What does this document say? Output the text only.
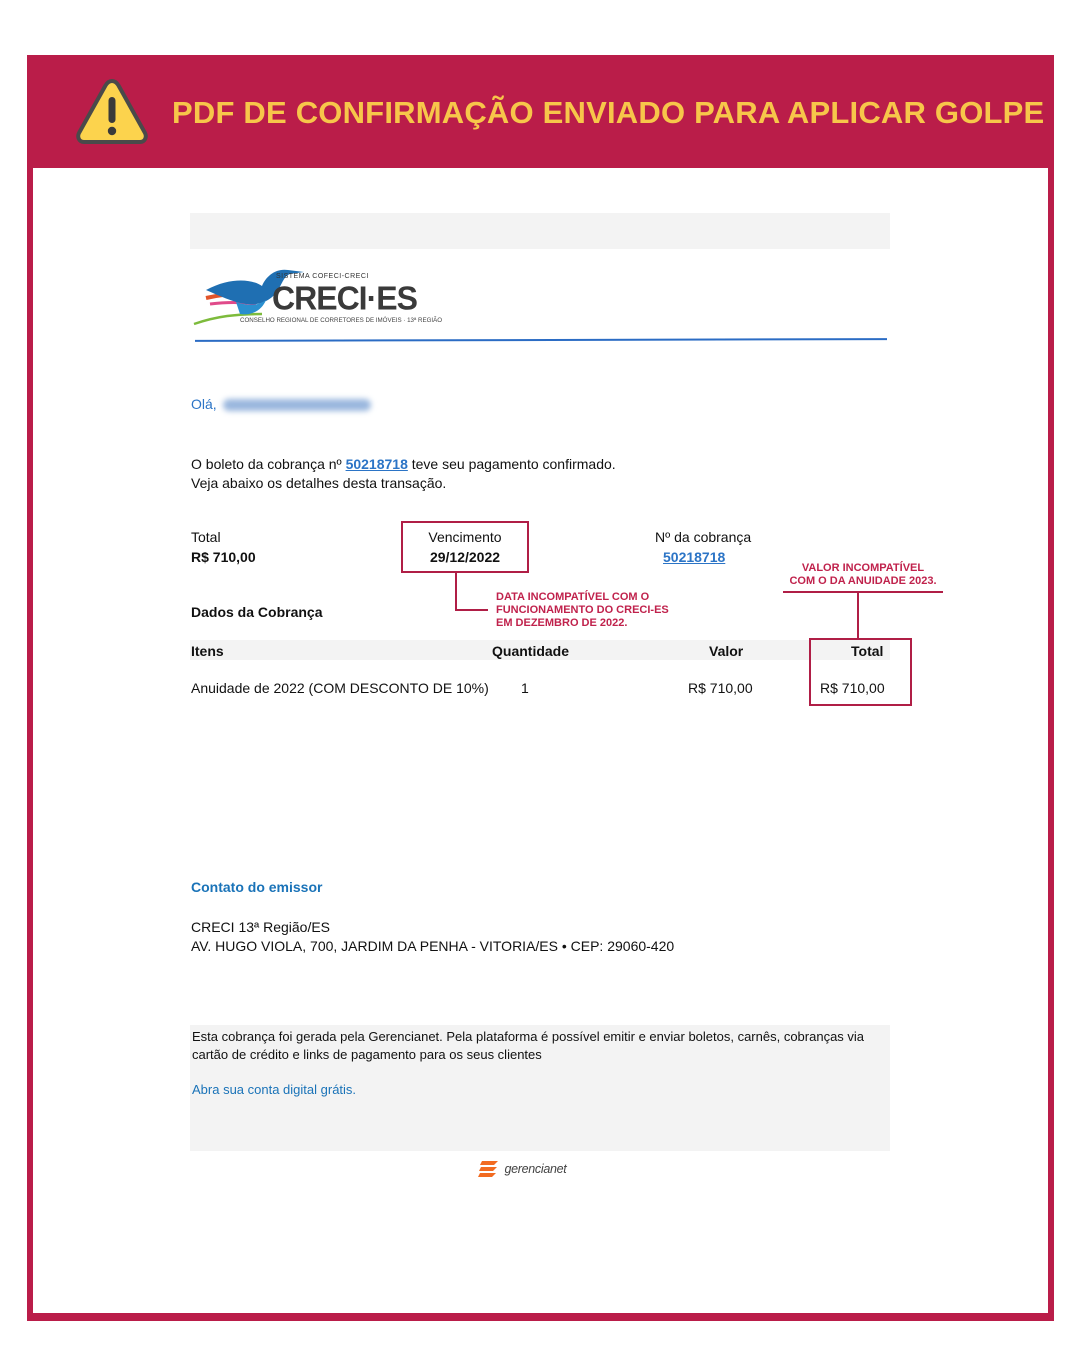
PDF DE CONFIRMAÇÃO ENVIADO PARA APLICAR GOLPE
SISTEMA COFECI-CRECI
CRECI·ES
CONSELHO REGIONAL DE CORRETORES DE IMÓVEIS · 13ª REGIÃO
Olá,
O boleto da cobrança nº 50218718 teve seu pagamento confirmado.
Veja abaixo os detalhes desta transação.
Total
R$ 710,00
Vencimento
29/12/2022
Nº da cobrança
50218718
DATA INCOMPATÍVEL COM O
FUNCIONAMENTO DO CRECI-ES
EM DEZEMBRO DE 2022.
VALOR INCOMPATÍVEL
COM O DA ANUIDADE 2023.
Dados da Cobrança
Itens	Quantidade	Valor	Total
Anuidade de 2022 (COM DESCONTO DE 10%) 1	R$ 710,00	R$ 710,00
Contato do emissor
CRECI 13ª Região/ES
AV. HUGO VIOLA, 700, JARDIM DA PENHA - VITORIA/ES • CEP: 29060-420
Esta cobrança foi gerada pela Gerencianet. Pela plataforma é possível emitir e enviar boletos, carnês, cobranças via cartão de crédito e links de pagamento para os seus clientes
Abra sua conta digital grátis.
gerencianet
